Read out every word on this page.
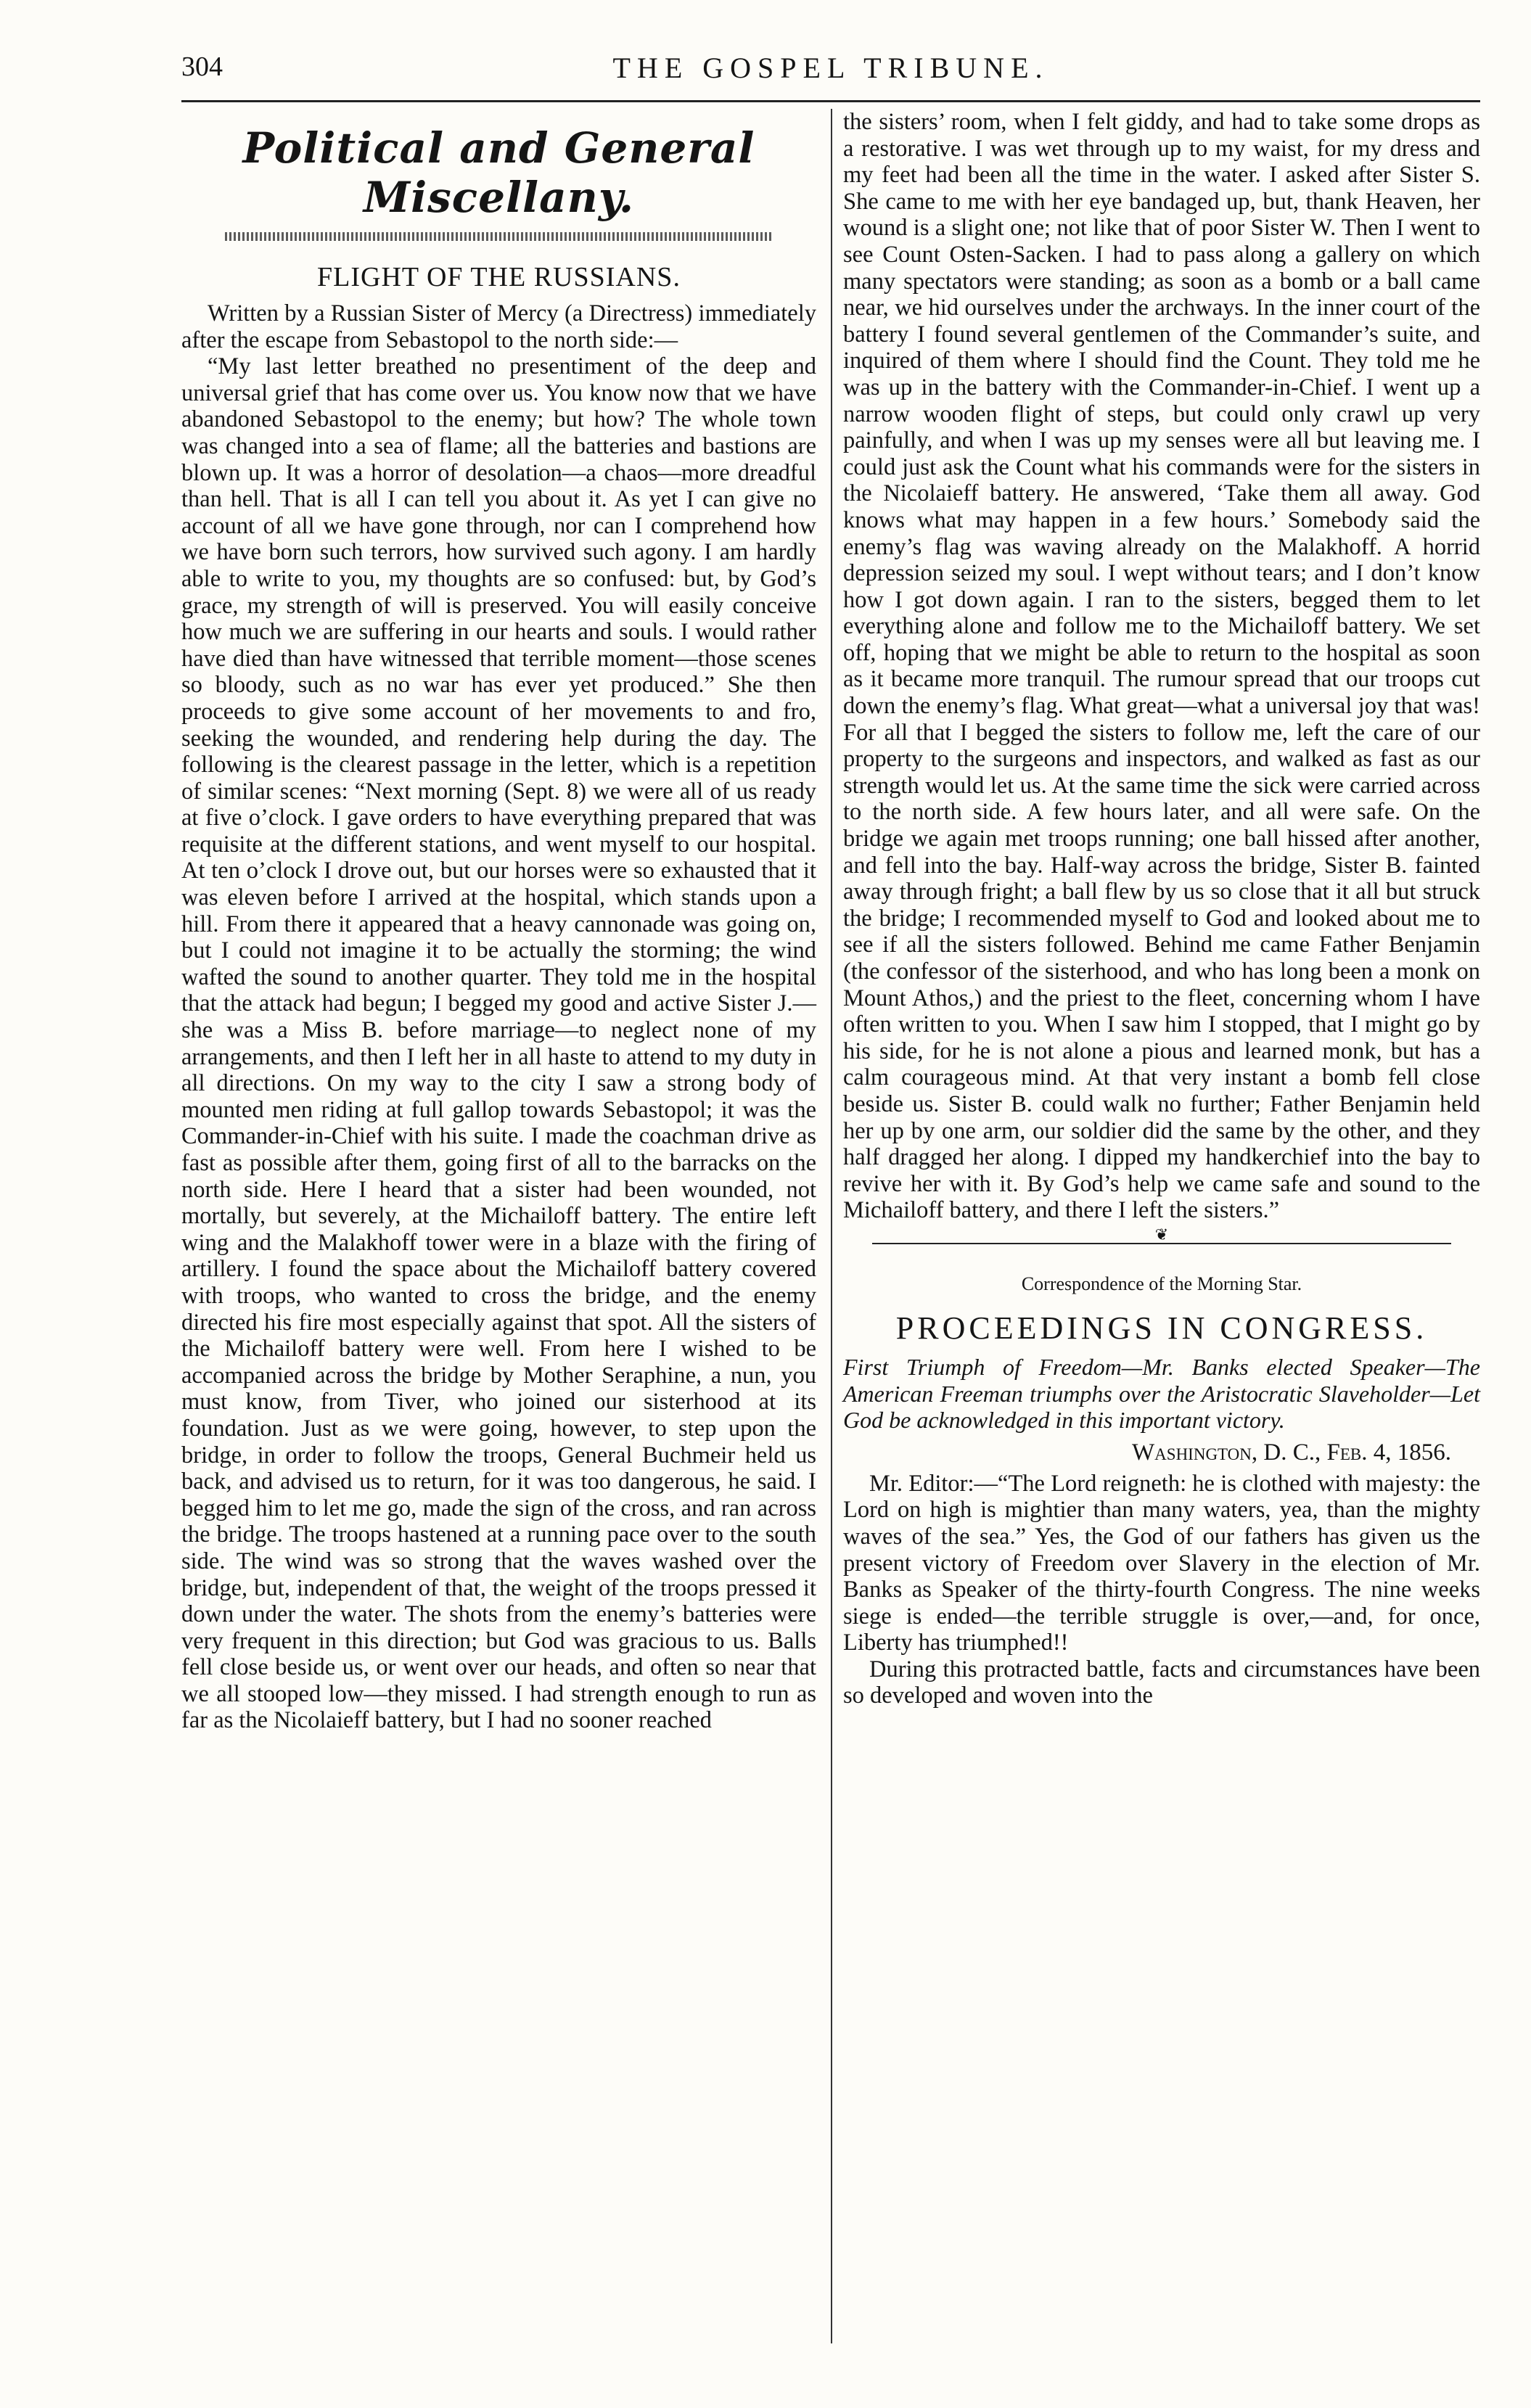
304	THE GOSPEL TRIBUNE.
Political and General Miscellany.
FLIGHT OF THE RUSSIANS.

Written by a Russian Sister of Mercy (a Directress) immediately after the escape from Sebastopol to the north side:—

“My last letter breathed no presentiment of the deep and universal grief that has come over us. You know now that we have abandoned Sebastopol to the enemy; but how? The whole town was changed into a sea of flame; all the batteries and bastions are blown up. It was a horror of desolation—a chaos—more dreadful than hell. That is all I can tell you about it. As yet I can give no account of all we have gone through, nor can I comprehend how we have born such terrors, how survived such agony. I am hardly able to write to you, my thoughts are so confused: but, by God’s grace, my strength of will is preserved. You will easily conceive how much we are suffering in our hearts and souls. I would rather have died than have witnessed that terrible moment—those scenes so bloody, such as no war has ever yet produced.” She then proceeds to give some account of her movements to and fro, seeking the wounded, and rendering help during the day. The following is the clearest passage in the letter, which is a repetition of similar scenes: “Next morning (Sept. 8) we were all of us ready at five o’clock. I gave orders to have everything prepared that was requisite at the different stations, and went myself to our hospital. At ten o’clock I drove out, but our horses were so exhausted that it was eleven before I arrived at the hospital, which stands upon a hill. From there it appeared that a heavy cannonade was going on, but I could not imagine it to be actually the storming; the wind wafted the sound to another quarter. They told me in the hospital that the attack had begun; I begged my good and active Sister J.—she was a Miss B. before marriage—to neglect none of my arrangements, and then I left her in all haste to attend to my duty in all directions. On my way to the city I saw a strong body of mounted men riding at full gallop towards Sebastopol; it was the Commander-in-Chief with his suite. I made the coachman drive as fast as possible after them, going first of all to the barracks on the north side. Here I heard that a sister had been wounded, not mortally, but severely, at the Michailoff battery. The entire left wing and the Malakhoff tower were in a blaze with the firing of artillery. I found the space about the Michailoff battery covered with troops, who wanted to cross the bridge, and the enemy directed his fire most especially against that spot. All the sisters of the Michailoff battery were well. From here I wished to be accompanied across the bridge by Mother Seraphine, a nun, you must know, from Tiver, who joined our sisterhood at its foundation. Just as we were going, however, to step upon the bridge, in order to follow the troops, General Buchmeir held us back, and advised us to return, for it was too dangerous, he said. I begged him to let me go, made the sign of the cross, and ran across the bridge. The troops hastened at a running pace over to the south side. The wind was so strong that the waves washed over the bridge, but, independent of that, the weight of the troops pressed it down under the water. The shots from the enemy’s batteries were very frequent in this direction; but God was gracious to us. Balls fell close beside us, or went over our heads, and often so near that we all stooped low—they missed. I had strength enough to run as far as the Nicolaieff battery, but I had no sooner reached

the sisters’ room, when I felt giddy, and had to take some drops as a restorative. I was wet through up to my waist, for my dress and my feet had been all the time in the water. I asked after Sister S. She came to me with her eye bandaged up, but, thank Heaven, her wound is a slight one; not like that of poor Sister W. Then I went to see Count Osten-Sacken. I had to pass along a gallery on which many spectators were standing; as soon as a bomb or a ball came near, we hid ourselves under the archways. In the inner court of the battery I found several gentlemen of the Commander’s suite, and inquired of them where I should find the Count. They told me he was up in the battery with the Commander-in-Chief. I went up a narrow wooden flight of steps, but could only crawl up very painfully, and when I was up my senses were all but leaving me. I could just ask the Count what his commands were for the sisters in the Nicolaieff battery. He answered, ‘Take them all away. God knows what may happen in a few hours.’ Somebody said the enemy’s flag was waving already on the Malakhoff. A horrid depression seized my soul. I wept without tears; and I don’t know how I got down again. I ran to the sisters, begged them to let everything alone and follow me to the Michailoff battery. We set off, hoping that we might be able to return to the hospital as soon as it became more tranquil. The rumour spread that our troops cut down the enemy’s flag. What great—what a universal joy that was! For all that I begged the sisters to follow me, left the care of our property to the surgeons and inspectors, and walked as fast as our strength would let us. At the same time the sick were carried across to the north side. A few hours later, and all were safe. On the bridge we again met troops running; one ball hissed after another, and fell into the bay. Half-way across the bridge, Sister B. fainted away through fright; a ball flew by us so close that it all but struck the bridge; I recommended myself to God and looked about me to see if all the sisters followed. Behind me came Father Benjamin (the confessor of the sisterhood, and who has long been a monk on Mount Athos,) and the priest to the fleet, concerning whom I have often written to you. When I saw him I stopped, that I might go by his side, for he is not alone a pious and learned monk, but has a calm courageous mind. At that very instant a bomb fell close beside us. Sister B. could walk no further; Father Benjamin held her up by one arm, our soldier did the same by the other, and they half dragged her along. I dipped my handkerchief into the bay to revive her with it. By God’s help we came safe and sound to the Michailoff battery, and there I left the sisters.”

❦
Correspondence of the Morning Star.
PROCEEDINGS IN CONGRESS.

First Triumph of Freedom—Mr. Banks elected Speaker—The American Freeman triumphs over the Aristocratic Slaveholder—Let God be acknowledged in this important victory.

Washington, D. C., Feb. 4, 1856.

Mr. Editor:—“The Lord reigneth: he is clothed with majesty: the Lord on high is mightier than many waters, yea, than the mighty waves of the sea.” Yes, the God of our fathers has given us the present victory of Freedom over Slavery in the election of Mr. Banks as Speaker of the thirty-fourth Congress. The nine weeks siege is ended—the terrible struggle is over,—and, for once, Liberty has triumphed!!

During this protracted battle, facts and circumstances have been so developed and woven into the
